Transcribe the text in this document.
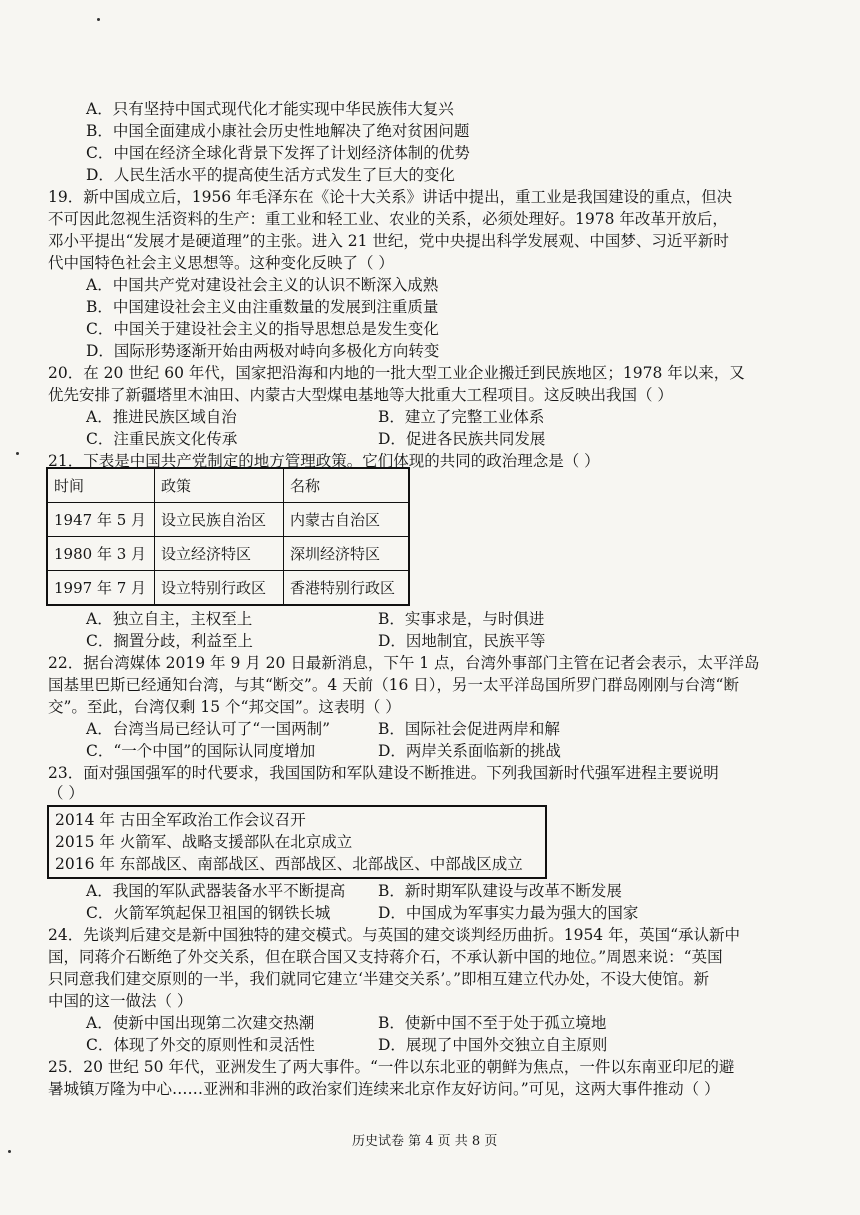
A．只有坚持中国式现代化才能实现中华民族伟大复兴
B．中国全面建成小康社会历史性地解决了绝对贫困问题
C．中国在经济全球化背景下发挥了计划经济体制的优势
D．人民生活水平的提高使生活方式发生了巨大的变化
19．新中国成立后，1956 年毛泽东在《论十大关系》讲话中提出，重工业是我国建设的重点，但决
不可因此忽视生活资料的生产：重工业和轻工业、农业的关系，必须处理好。1978 年改革开放后，
邓小平提出“发展才是硬道理”的主张。进入 21 世纪，党中央提出科学发展观、中国梦、习近平新时
代中国特色社会主义思想等。这种变化反映了（ ）
A．中国共产党对建设社会主义的认识不断深入成熟
B．中国建设社会主义由注重数量的发展到注重质量
C．中国关于建设社会主义的指导思想总是发生变化
D．国际形势逐渐开始由两极对峙向多极化方向转变
20．在 20 世纪 60 年代，国家把沿海和内地的一批大型工业企业搬迁到民族地区；1978 年以来，又
优先安排了新疆塔里木油田、内蒙古大型煤电基地等大批重大工程项目。这反映出我国（ ）
A．推进民族区域自治	B．建立了完整工业体系
C．注重民族文化传承	D．促进各民族共同发展
21．下表是中国共产党制定的地方管理政策。它们体现的共同的政治理念是（ ）
时间	政策	名称
1947 年 5 月	设立民族自治区	内蒙古自治区
1980 年 3 月	设立经济特区	深圳经济特区
1997 年 7 月	设立特别行政区	香港特别行政区
A．独立自主，主权至上	B．实事求是，与时俱进
C．搁置分歧，利益至上	D．因地制宜，民族平等
22．据台湾媒体 2019 年 9 月 20 日最新消息，下午 1 点，台湾外事部门主管在记者会表示，太平洋岛
国基里巴斯已经通知台湾，与其“断交”。4 天前（16 日），另一太平洋岛国所罗门群岛刚刚与台湾“断
交”。至此，台湾仅剩 15 个“邦交国”。这表明（ ）
A．台湾当局已经认可了“一国两制”	B．国际社会促进两岸和解
C．“一个中国”的国际认同度增加	D．两岸关系面临新的挑战
23．面对强国强军的时代要求，我国国防和军队建设不断推进。下列我国新时代强军进程主要说明
（ ）
2014 年 古田全军政治工作会议召开
2015 年 火箭军、战略支援部队在北京成立
2016 年 东部战区、南部战区、西部战区、北部战区、中部战区成立
A．我国的军队武器装备水平不断提高 B．新时期军队建设与改革不断发展
C．火箭军筑起保卫祖国的钢铁长城	D．中国成为军事实力最为强大的国家
24．先谈判后建交是新中国独特的建交模式。与英国的建交谈判经历曲折。1954 年，英国“承认新中
国，同蒋介石断绝了外交关系，但在联合国又支持蒋介石，不承认新中国的地位。”周恩来说：“英国
只同意我们建交原则的一半，我们就同它建立‘半建交关系’。”即相互建立代办处，不设大使馆。新
中国的这一做法（ ）
A．使新中国出现第二次建交热潮	B．使新中国不至于处于孤立境地
C．体现了外交的原则性和灵活性	D．展现了中国外交独立自主原则
25．20 世纪 50 年代，亚洲发生了两大事件。“一件以东北亚的朝鲜为焦点，一件以东南亚印尼的避
暑城镇万隆为中心……亚洲和非洲的政治家们连续来北京作友好访问。”可见，这两大事件推动（ ）
历史试卷 第 4 页 共 8 页
